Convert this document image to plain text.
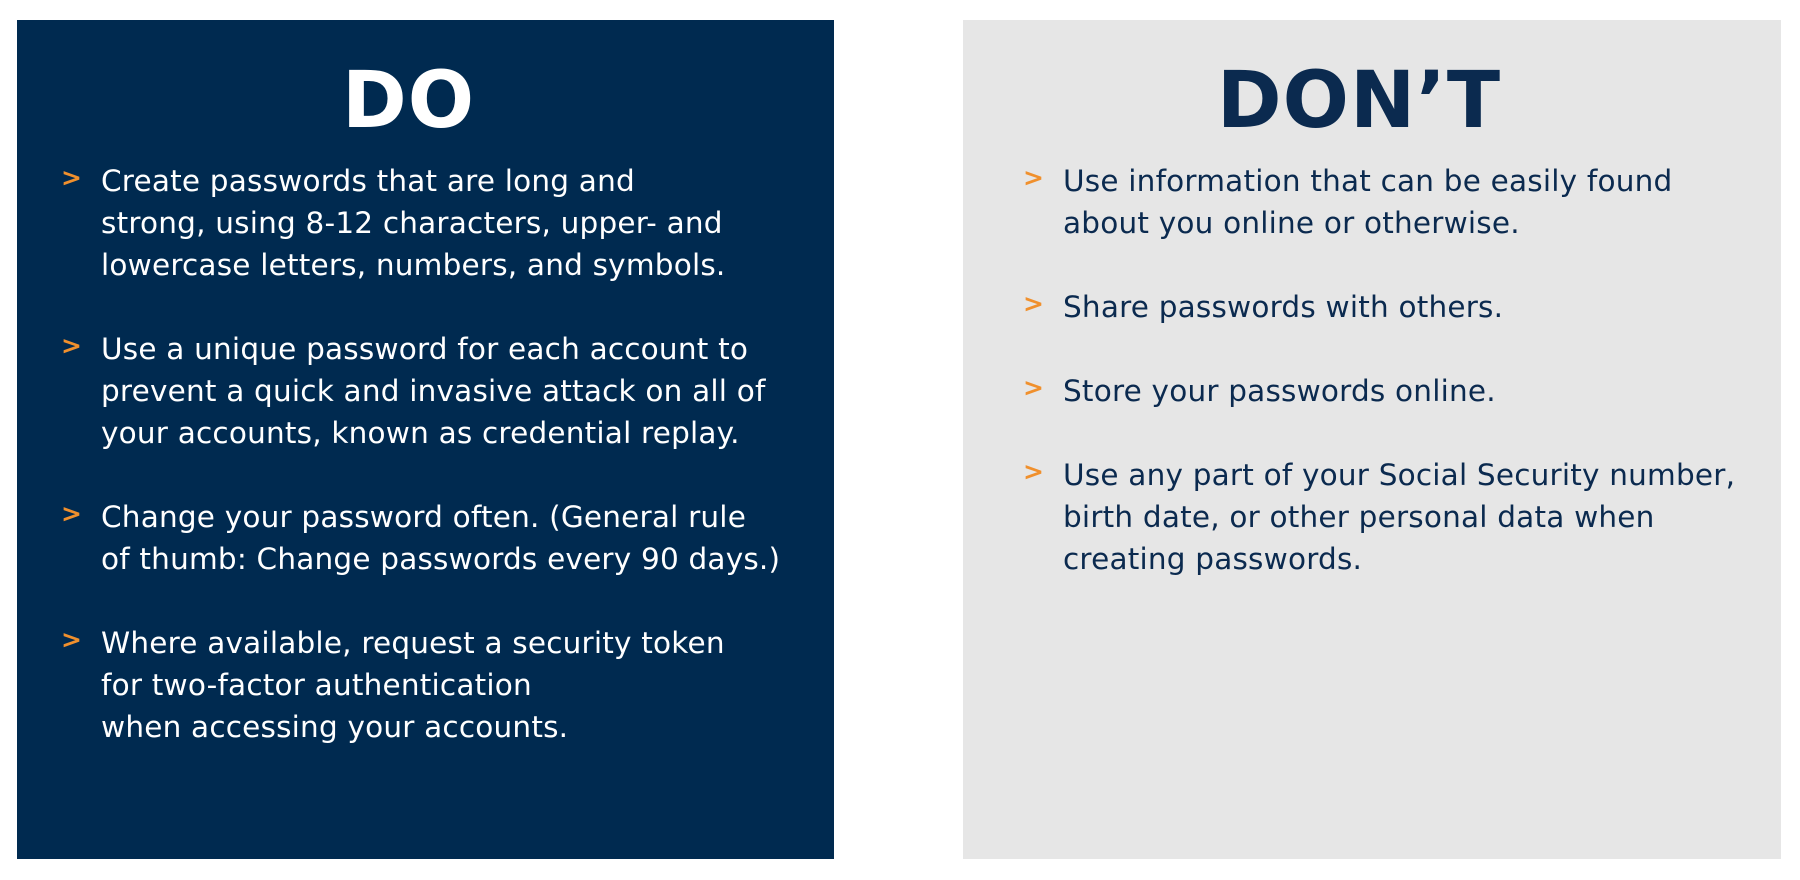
DO
> Create passwords that are long and
strong, using 8-12 characters, upper- and
lowercase letters, numbers, and symbols.
> Use a unique password for each account to
prevent a quick and invasive attack on all of
your accounts, known as credential replay.
> Change your password often. (General rule
of thumb: Change passwords every 90 days.)
> Where available, request a security token
for two-factor authentication
when accessing your accounts.
DON’T
> Use information that can be easily found
about you online or otherwise.
> Share passwords with others.
> Store your passwords online.
> Use any part of your Social Security number,
birth date, or other personal data when
creating passwords.
